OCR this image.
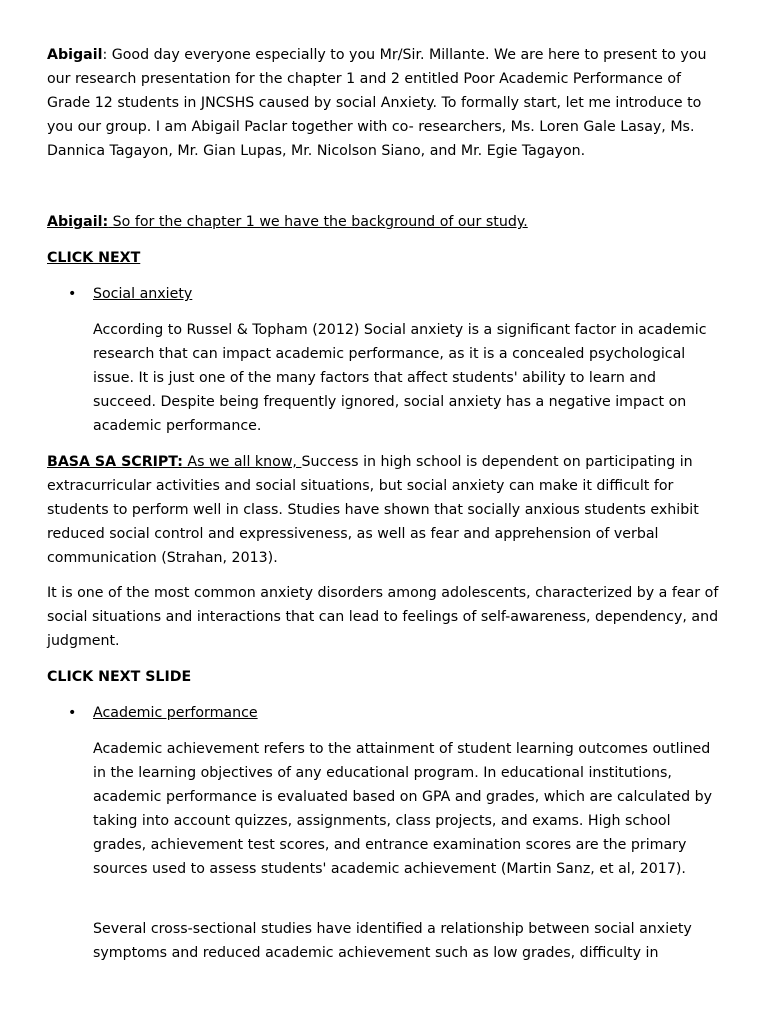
Abigail: Good day everyone especially to you Mr/Sir. Millante. We are here to present to you our research presentation for the chapter 1 and 2 entitled Poor Academic Performance of Grade 12 students in JNCSHS caused by social Anxiety. To formally start, let me introduce to you our group. I am Abigail Paclar together with co- researchers, Ms. Loren Gale Lasay, Ms. Dannica Tagayon, Mr. Gian Lupas, Mr. Nicolson Siano, and Mr. Egie Tagayon.

Abigail: So for the chapter 1 we have the background of our study.

CLICK NEXT

• Social anxiety

According to Russel & Topham (2012) Social anxiety is a significant factor in academic research that can impact academic performance, as it is a concealed psychological issue. It is just one of the many factors that affect students' ability to learn and succeed. Despite being frequently ignored, social anxiety has a negative impact on academic performance.

BASA SA SCRIPT: As we all know, Success in high school is dependent on participating in extracurricular activities and social situations, but social anxiety can make it difficult for students to perform well in class. Studies have shown that socially anxious students exhibit reduced social control and expressiveness, as well as fear and apprehension of verbal communication (Strahan, 2013).

It is one of the most common anxiety disorders among adolescents, characterized by a fear of social situations and interactions that can lead to feelings of self-awareness, dependency, and judgment.

CLICK NEXT SLIDE

• Academic performance

Academic achievement refers to the attainment of student learning outcomes outlined in the learning objectives of any educational program. In educational institutions, academic performance is evaluated based on GPA and grades, which are calculated by taking into account quizzes, assignments, class projects, and exams. High school grades, achievement test scores, and entrance examination scores are the primary sources used to assess students' academic achievement (Martin Sanz, et al, 2017).

Several cross-sectional studies have identified a relationship between social anxiety symptoms and reduced academic achievement such as low grades, difficulty in
